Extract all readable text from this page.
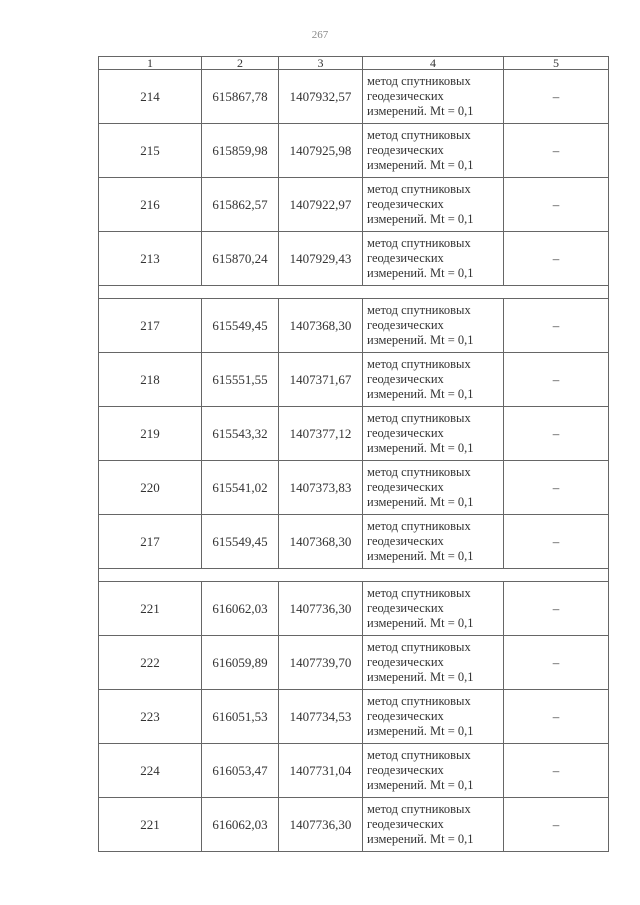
267
1	2	3	4	5
214	615867,78	1407932,57	метод спутниковых
геодезических
измерений. Mt = 0,1	–
215	615859,98	1407925,98	метод спутниковых
геодезических
измерений. Mt = 0,1	–
216	615862,57	1407922,97	метод спутниковых
геодезических
измерений. Mt = 0,1	–
213	615870,24	1407929,43	метод спутниковых
геодезических
измерений. Mt = 0,1	–

217	615549,45	1407368,30	метод спутниковых
геодезических
измерений. Mt = 0,1	–
218	615551,55	1407371,67	метод спутниковых
геодезических
измерений. Mt = 0,1	–
219	615543,32	1407377,12	метод спутниковых
геодезических
измерений. Mt = 0,1	–
220	615541,02	1407373,83	метод спутниковых
геодезических
измерений. Mt = 0,1	–
217	615549,45	1407368,30	метод спутниковых
геодезических
измерений. Mt = 0,1	–

221	616062,03	1407736,30	метод спутниковых
геодезических
измерений. Mt = 0,1	–
222	616059,89	1407739,70	метод спутниковых
геодезических
измерений. Mt = 0,1	–
223	616051,53	1407734,53	метод спутниковых
геодезических
измерений. Mt = 0,1	–
224	616053,47	1407731,04	метод спутниковых
геодезических
измерений. Mt = 0,1	–
221	616062,03	1407736,30	метод спутниковых
геодезических
измерений. Mt = 0,1	–
